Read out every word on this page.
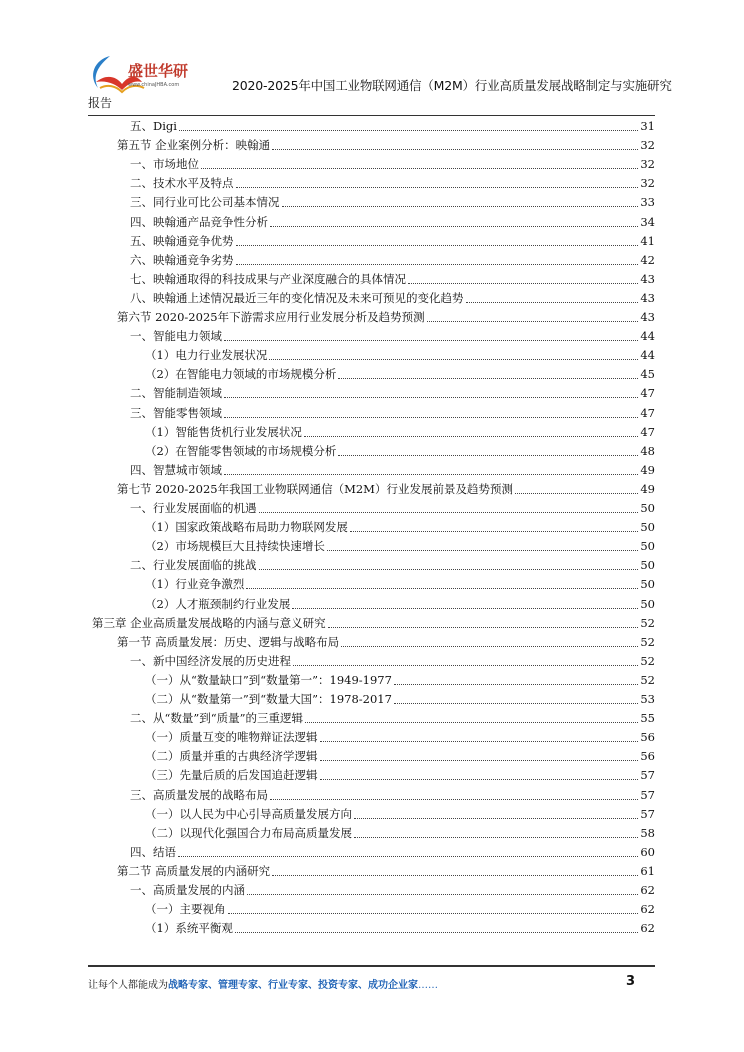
盛世华研
www.chinaJHBA.com	2020-2025年中国工业物联网通信（M2M）行业高质量发展战略制定与实施研究
报告
五、Digi	31
第五节 企业案例分析：映翰通	32
一、市场地位	32
二、技术水平及特点	32
三、同行业可比公司基本情况	33
四、映翰通产品竞争性分析	34
五、映翰通竞争优势	41
六、映翰通竞争劣势	42
七、映翰通取得的科技成果与产业深度融合的具体情况	43
八、映翰通上述情况最近三年的变化情况及未来可预见的变化趋势	43
第六节 2020-2025年下游需求应用行业发展分析及趋势预测	43
一、智能电力领域	44
（1）电力行业发展状况	44
（2）在智能电力领域的市场规模分析	45
二、智能制造领域	47
三、智能零售领域	47
（1）智能售货机行业发展状况	47
（2）在智能零售领域的市场规模分析	48
四、智慧城市领域	49
第七节 2020-2025年我国工业物联网通信（M2M）行业发展前景及趋势预测	49
一、行业发展面临的机遇	50
（1）国家政策战略布局助力物联网发展	50
（2）市场规模巨大且持续快速增长	50
二、行业发展面临的挑战	50
（1）行业竞争激烈	50
（2）人才瓶颈制约行业发展	50
第三章 企业高质量发展战略的内涵与意义研究	52
第一节 高质量发展：历史、逻辑与战略布局	52
一、新中国经济发展的历史进程	52
（一）从“数量缺口”到“数量第一”：1949-1977	52
（二）从“数量第一”到“数量大国”：1978-2017	53
二、从“数量”到“质量”的三重逻辑	55
（一）质量互变的唯物辩证法逻辑	56
（二）质量并重的古典经济学逻辑	56
（三）先量后质的后发国追赶逻辑	57
三、高质量发展的战略布局	57
（一）以人民为中心引导高质量发展方向	57
（二）以现代化强国合力布局高质量发展	58
四、结语	60
第二节 高质量发展的内涵研究	61
一、高质量发展的内涵	62
（一）主要视角	62
（1）系统平衡观	62
让每个人都能成为战略专家、管理专家、行业专家、投资专家、成功企业家……	3
